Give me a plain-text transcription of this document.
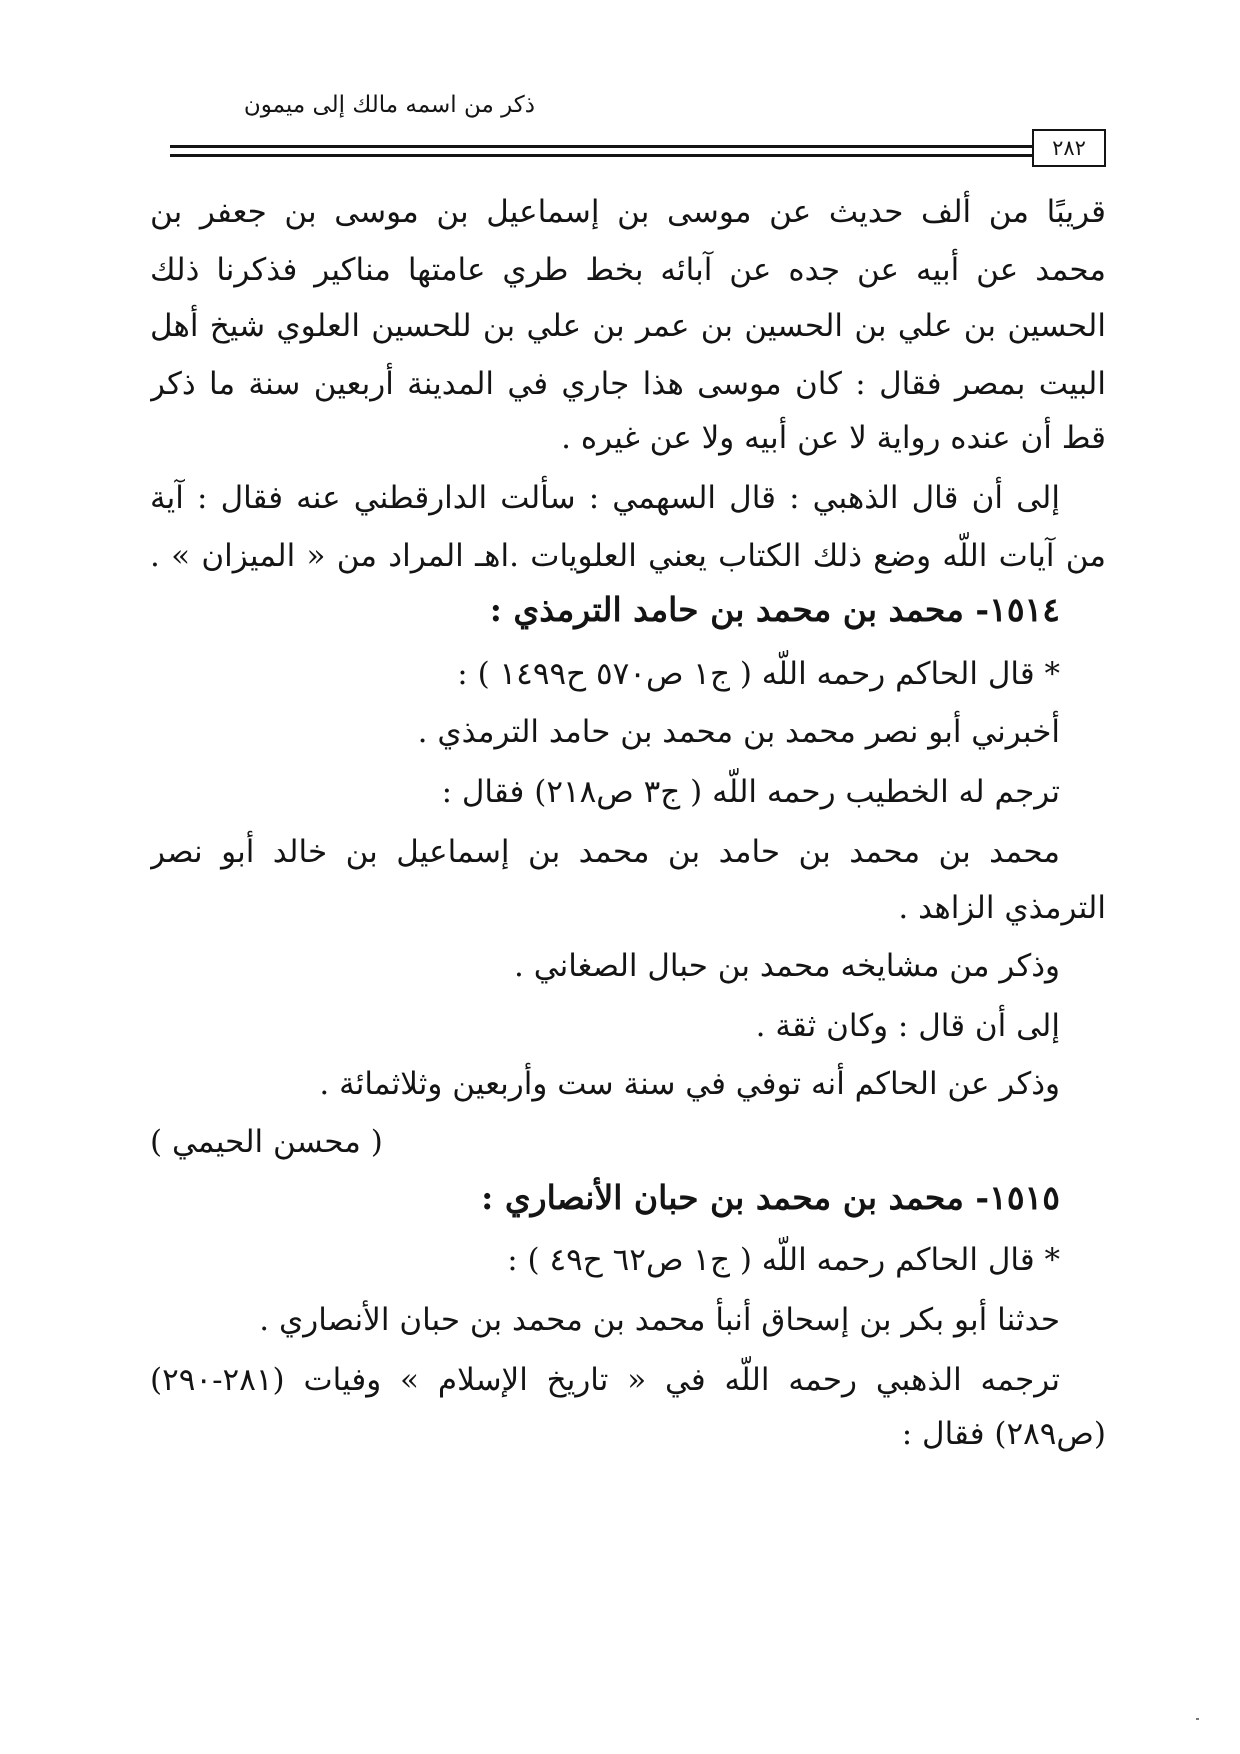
ذكر من اسمه مالك إلى ميمون
٢٨٢
قريبًا من ألف حديث عن موسى بن إسماعيل بن موسى بن جعفر بن
محمد عن أبيه عن جده عن آبائه بخط طري عامتها مناكير فذكرنا ذلك
الحسين بن علي بن الحسين بن عمر بن علي بن للحسين العلوي شيخ أهل
البيت بمصر فقال : كان موسى هذا جاري في المدينة أربعين سنة ما ذكر
قط أن عنده رواية لا عن أبيه ولا عن غيره .
إلى أن قال الذهبي : قال السهمي : سألت الدارقطني عنه فقال : آية
من آيات اللّه وضع ذلك الكتاب يعني العلويات .اهـ المراد من « الميزان » .
١٥١٤- محمد بن محمد بن حامد الترمذي :
* قال الحاكم رحمه اللّه ( ج١ ص٥٧٠ ح١٤٩٩ ) :
أخبرني أبو نصر محمد بن محمد بن حامد الترمذي .
ترجم له الخطيب رحمه اللّه ( ج٣ ص٢١٨) فقال :
محمد بن محمد بن حامد بن محمد بن إسماعيل بن خالد أبو نصر
الترمذي الزاهد .
وذكر من مشايخه محمد بن حبال الصغاني .
إلى أن قال : وكان ثقة .
وذكر عن الحاكم أنه توفي في سنة ست وأربعين وثلاثمائة .
( محسن الحيمي )
١٥١٥- محمد بن محمد بن حبان الأنصاري :
* قال الحاكم رحمه اللّه ( ج١ ص٦٢ ح٤٩ ) :
حدثنا أبو بكر بن إسحاق أنبأ محمد بن محمد بن حبان الأنصاري .
ترجمه الذهبي رحمه اللّه في « تاريخ الإسلام » وفيات (٢٨١-٢٩٠)
(ص٢٨٩) فقال :
